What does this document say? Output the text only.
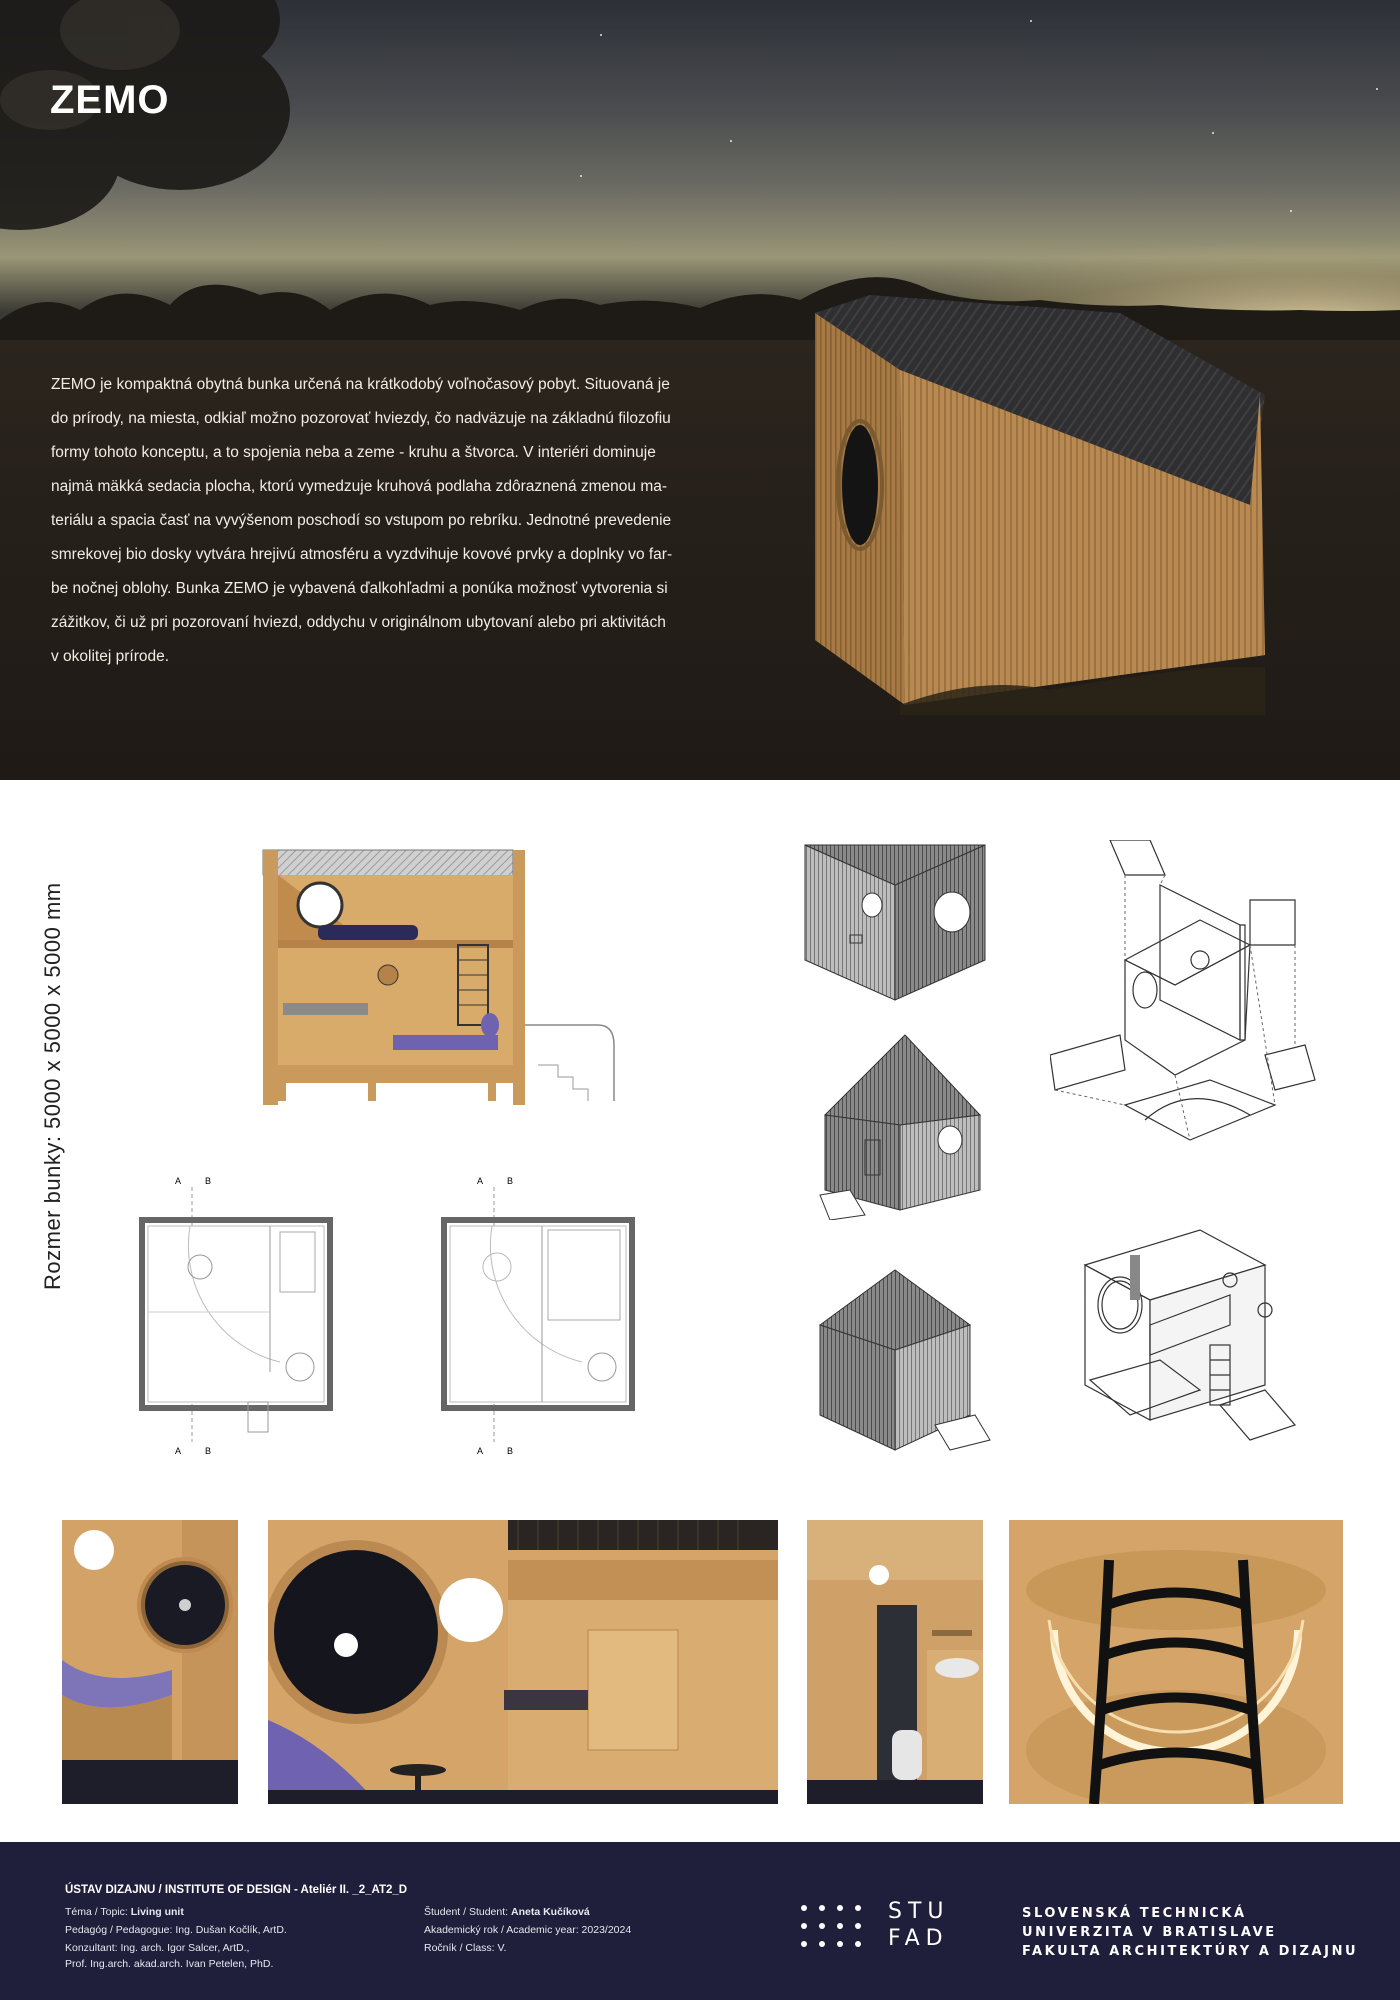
ZEMO
ZEMO je kompaktná obytná bunka určená na krátkodobý voľnočasový pobyt. Situovaná je
do prírody, na miesta, odkiaľ možno pozorovať hviezdy, čo nadväzuje na základnú filozofiu
formy tohoto konceptu, a to spojenia neba a zeme - kruhu a štvorca. V interiéri dominuje
najmä mäkká sedacia plocha, ktorú vymedzuje kruhová podlaha zdôraznená zmenou ma-
teriálu a spacia časť na vyvýšenom poschodí so vstupom po rebríku. Jednotné prevedenie
smrekovej bio dosky vytvára hrejivú atmosféru a vyzdvihuje kovové prvky a doplnky vo far-
be nočnej oblohy. Bunka ZEMO je vybavená ďalkohľadmi a ponúka možnosť vytvorenia si
zážitkov, či už pri pozorovaní hviezd, oddychu v originálnom ubytovaní alebo pri aktivitách
v okolitej prírode.
Rozmer bunky: 5000 x 5000 x 5000 mm	A	B
A	B
A	B
A	B
ÚSTAV DIZAJNU / INSTITUTE OF DESIGN - Ateliér II. _2_AT2_D
Téma / Topic: Living unit
Pedagóg / Pedagogue: Ing. Dušan Kočlík, ArtD.
Konzultant: Ing. arch. Igor Salcer, ArtD.,
Prof. Ing.arch. akad.arch. Ivan Petelen, PhD.
Študent / Student: Aneta Kučíková
Akademický rok / Academic year: 2023/2024
Ročník / Class: V.
STU
FAD
SLOVENSKÁ TECHNICKÁ
UNIVERZITA V BRATISLAVE
FAKULTA ARCHITEKTÚRY A DIZAJNU
